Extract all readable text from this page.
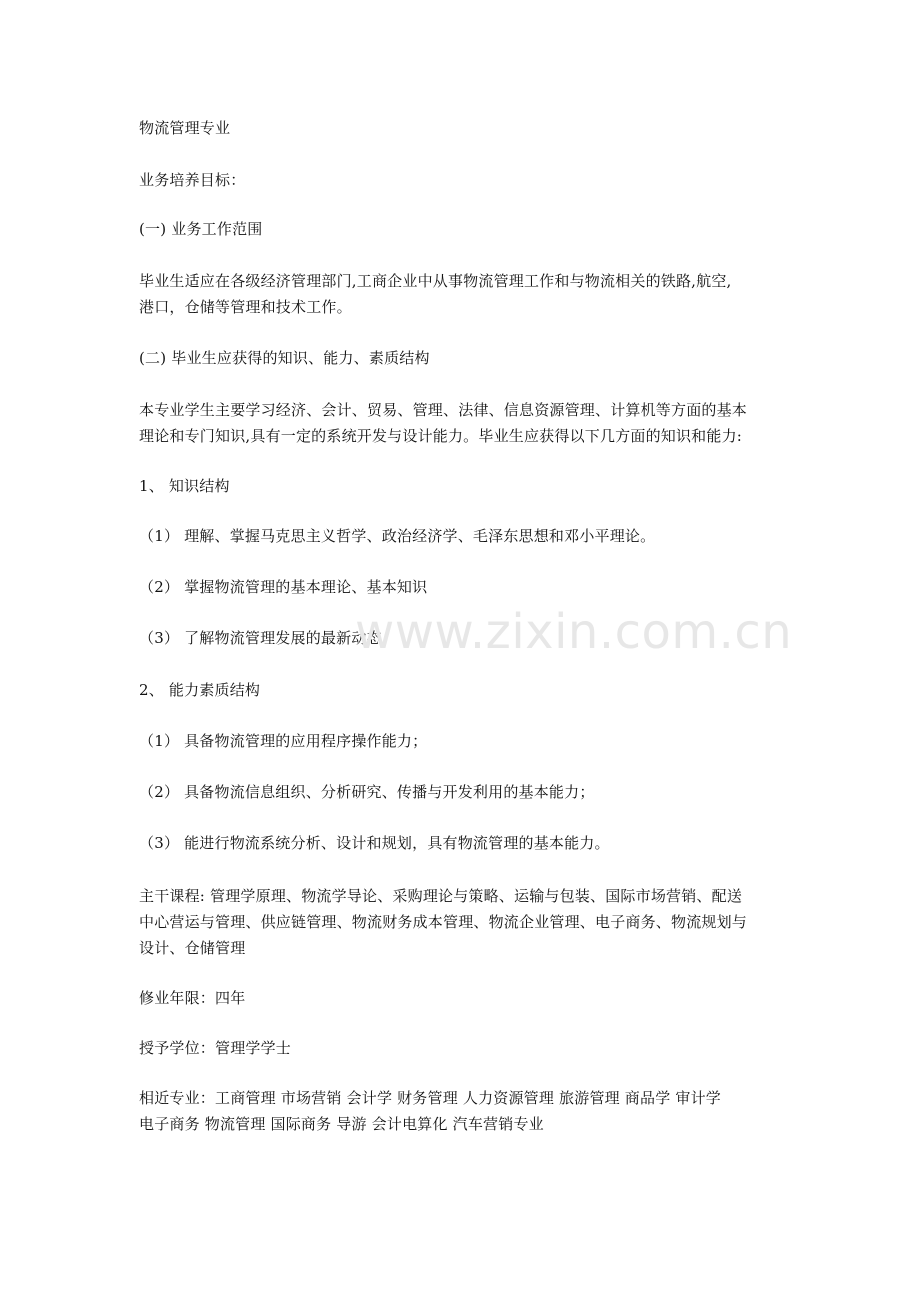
物流管理专业
业务培养目标：
(一) 业务工作范围
毕业生适应在各级经济管理部门,工商企业中从事物流管理工作和与物流相关的铁路,航空,
港口，仓储等管理和技术工作。
(二) 毕业生应获得的知识、能力、素质结构
本专业学生主要学习经济、会计、贸易、管理、法律、信息资源管理、计算机等方面的基本
理论和专门知识,具有一定的系统开发与设计能力。毕业生应获得以下几方面的知识和能力:
1、 知识结构
（1） 理解、掌握马克思主义哲学、政治经济学、毛泽东思想和邓小平理论。
（2） 掌握物流管理的基本理论、基本知识
（3） 了解物流管理发展的最新动态
2、 能力素质结构
（1） 具备物流管理的应用程序操作能力；
（2） 具备物流信息组织、分析研究、传播与开发利用的基本能力；
（3） 能进行物流系统分析、设计和规划，具有物流管理的基本能力。
主干课程: 管理学原理、物流学导论、采购理论与策略、运输与包装、国际市场营销、配送
中心营运与管理、供应链管理、物流财务成本管理、物流企业管理、电子商务、物流规划与
设计、仓储管理
修业年限：四年
授予学位：管理学学士
相近专业：工商管理 市场营销 会计学 财务管理 人力资源管理 旅游管理 商品学 审计学
电子商务 物流管理 国际商务 导游 会计电算化 汽车营销专业
www.zixin.com.cn
